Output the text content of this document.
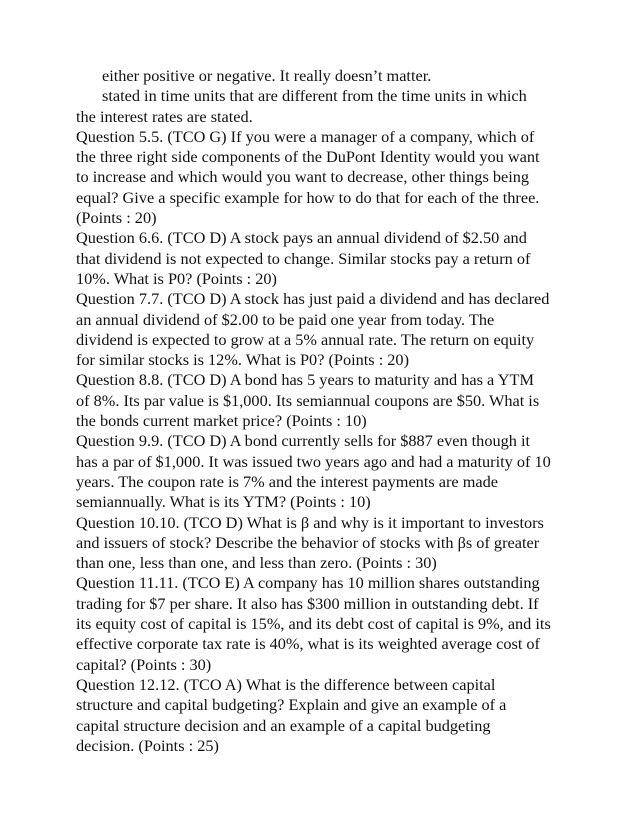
either positive or negative. It really doesn’t matter.
stated in time units that are different from the time units in which
the interest rates are stated.
Question 5.5. (TCO G) If you were a manager of a company, which of
the three right side components of the DuPont Identity would you want
to increase and which would you want to decrease, other things being
equal? Give a specific example for how to do that for each of the three.
(Points : 20)
Question 6.6. (TCO D) A stock pays an annual dividend of $2.50 and
that dividend is not expected to change. Similar stocks pay a return of
10%. What is P0? (Points : 20)
Question 7.7. (TCO D) A stock has just paid a dividend and has declared
an annual dividend of $2.00 to be paid one year from today. The
dividend is expected to grow at a 5% annual rate. The return on equity
for similar stocks is 12%. What is P0? (Points : 20)
Question 8.8. (TCO D) A bond has 5 years to maturity and has a YTM
of 8%. Its par value is $1,000. Its semiannual coupons are $50. What is
the bonds current market price? (Points : 10)
Question 9.9. (TCO D) A bond currently sells for $887 even though it
has a par of $1,000. It was issued two years ago and had a maturity of 10
years. The coupon rate is 7% and the interest payments are made
semiannually. What is its YTM? (Points : 10)
Question 10.10. (TCO D) What is β and why is it important to investors
and issuers of stock? Describe the behavior of stocks with βs of greater
than one, less than one, and less than zero. (Points : 30)
Question 11.11. (TCO E) A company has 10 million shares outstanding
trading for $7 per share. It also has $300 million in outstanding debt. If
its equity cost of capital is 15%, and its debt cost of capital is 9%, and its
effective corporate tax rate is 40%, what is its weighted average cost of
capital? (Points : 30)
Question 12.12. (TCO A) What is the difference between capital
structure and capital budgeting? Explain and give an example of a
capital structure decision and an example of a capital budgeting
decision. (Points : 25)
